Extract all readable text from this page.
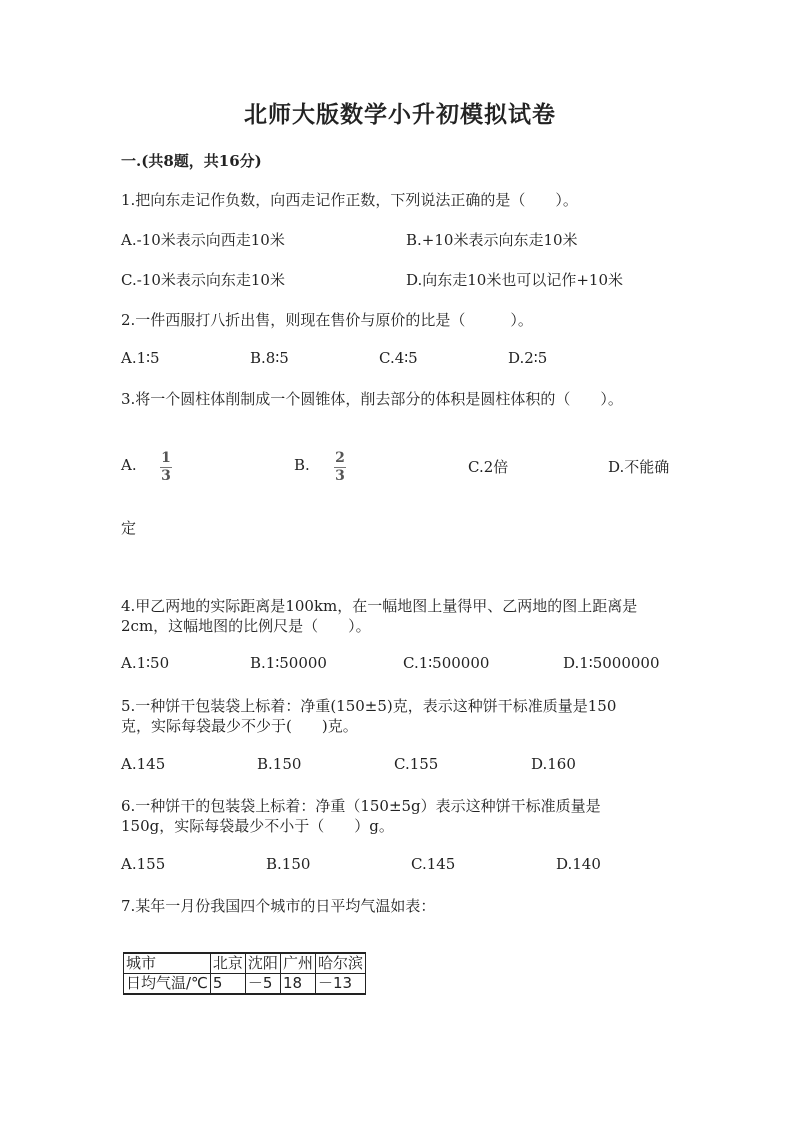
北师大版数学小升初模拟试卷
一.(共8题，共16分)
1.把向东走记作负数，向西走记作正数，下列说法正确的是（　　）。
A.-10米表示向西走10米	B.+10米表示向东走10米
C.-10米表示向东走10米	D.向东走10米也可以记作+10米
2.一件西服打八折出售，则现在售价与原价的比是（　　　）。
A.1∶5	B.8∶5	C.4∶5	D.2∶5
3.将一个圆柱体削制成一个圆锥体，削去部分的体积是圆柱体积的（　　）。
A. 1
3
B. 2
3	C.2倍	D.不能确
定
4.甲乙两地的实际距离是100km，在一幅地图上量得甲、乙两地的图上距离是
2cm，这幅地图的比例尺是（　　）。
A.1∶50	B.1∶50000	C.1∶500000	D.1∶5000000
5.一种饼干包装袋上标着：净重(150±5)克，表示这种饼干标准质量是150
克，实际每袋最少不少于(　　)克。
A.145	B.150	C.155	D.160
6.一种饼干的包装袋上标着：净重（150±5g）表示这种饼干标准质量是
150g，实际每袋最少不小于（　　）g。
A.155	B.150	C.145	D.140
7.某年一月份我国四个城市的日平均气温如表：
城市	北京	沈阳	广州	哈尔滨
日均气温/℃	5	－5	18	－13
